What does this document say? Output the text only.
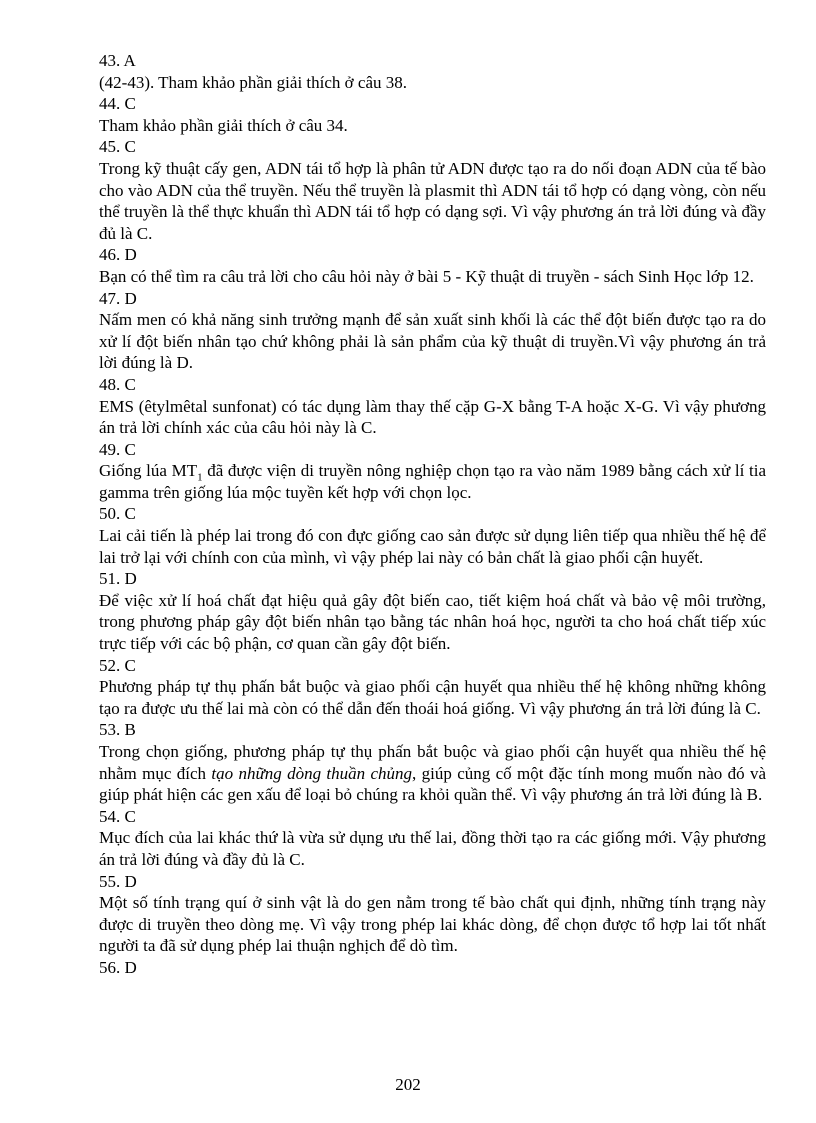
43. A
(42-43). Tham khảo phần giải thích ở câu 38.
44. C
Tham khảo phần giải thích ở câu 34.
45. C
Trong kỹ thuật cấy gen, ADN tái tổ hợp là phân tử ADN được tạo ra do nối đoạn ADN của tế bào cho vào ADN của thể truyền. Nếu thể truyền là plasmit thì ADN tái tổ hợp có dạng vòng, còn nếu thể truyền là thể thực khuẩn thì ADN tái tổ hợp có dạng sợi. Vì vậy phương án trả lời đúng và đầy đủ là C.
46. D
Bạn có thể tìm ra câu trả lời cho câu hỏi này ở bài 5 - Kỹ thuật di truyền - sách Sinh Học lớp 12.
47. D
Nấm men có khả năng sinh trưởng mạnh để sản xuất sinh khối là các thể đột biến được tạo ra do xử lí đột biến nhân tạo chứ không phải là sản phẩm của kỹ thuật di truyền.Vì vậy phương án trả lời đúng là D.
48. C
EMS (êtylmêtal sunfonat) có tác dụng làm thay thế cặp G-X bằng T-A hoặc X-G. Vì vậy phương án trả lời chính xác của câu hỏi này là C.
49. C
Giống lúa $MT_1$ đã được viện di truyền nông nghiệp chọn tạo ra vào năm 1989 bằng cách xử lí tia gamma trên giống lúa mộc tuyền kết hợp với chọn lọc.
50. C
Lai cải tiến là phép lai trong đó con đực giống cao sản được sử dụng liên tiếp qua nhiều thế hệ để lai trở lại với chính con của mình, vì vậy phép lai này có bản chất là giao phối cận huyết.
51. D
Để việc xử lí hoá chất đạt hiệu quả gây đột biến cao, tiết kiệm hoá chất và bảo vệ môi trường, trong phương pháp gây đột biến nhân tạo bằng tác nhân hoá học, người ta cho hoá chất tiếp xúc trực tiếp với các bộ phận, cơ quan cần gây đột biến.
52. C
Phương pháp tự thụ phấn bắt buộc và giao phối cận huyết qua nhiều thế hệ không những không tạo ra được ưu thế lai mà còn có thể dẫn đến thoái hoá giống. Vì vậy phương án trả lời đúng là C.
53. B
Trong chọn giống, phương pháp tự thụ phấn bắt buộc và giao phối cận huyết qua nhiều thế hệ nhằm mục đích tạo những dòng thuần chủng, giúp củng cố một đặc tính mong muốn nào đó và giúp phát hiện các gen xấu để loại bỏ chúng ra khỏi quần thể. Vì vậy phương án trả lời đúng là B.
54. C
Mục đích của lai khác thứ là vừa sử dụng ưu thế lai, đồng thời tạo ra các giống mới. Vậy phương án trả lời đúng và đầy đủ là C.
55. D
Một số tính trạng quí ở sinh vật là do gen nằm trong tế bào chất qui định, những tính trạng này được di truyền theo dòng mẹ. Vì vậy trong phép lai khác dòng, để chọn được tổ hợp lai tốt nhất người ta đã sử dụng phép lai thuận nghịch để dò tìm.
56. D
202
